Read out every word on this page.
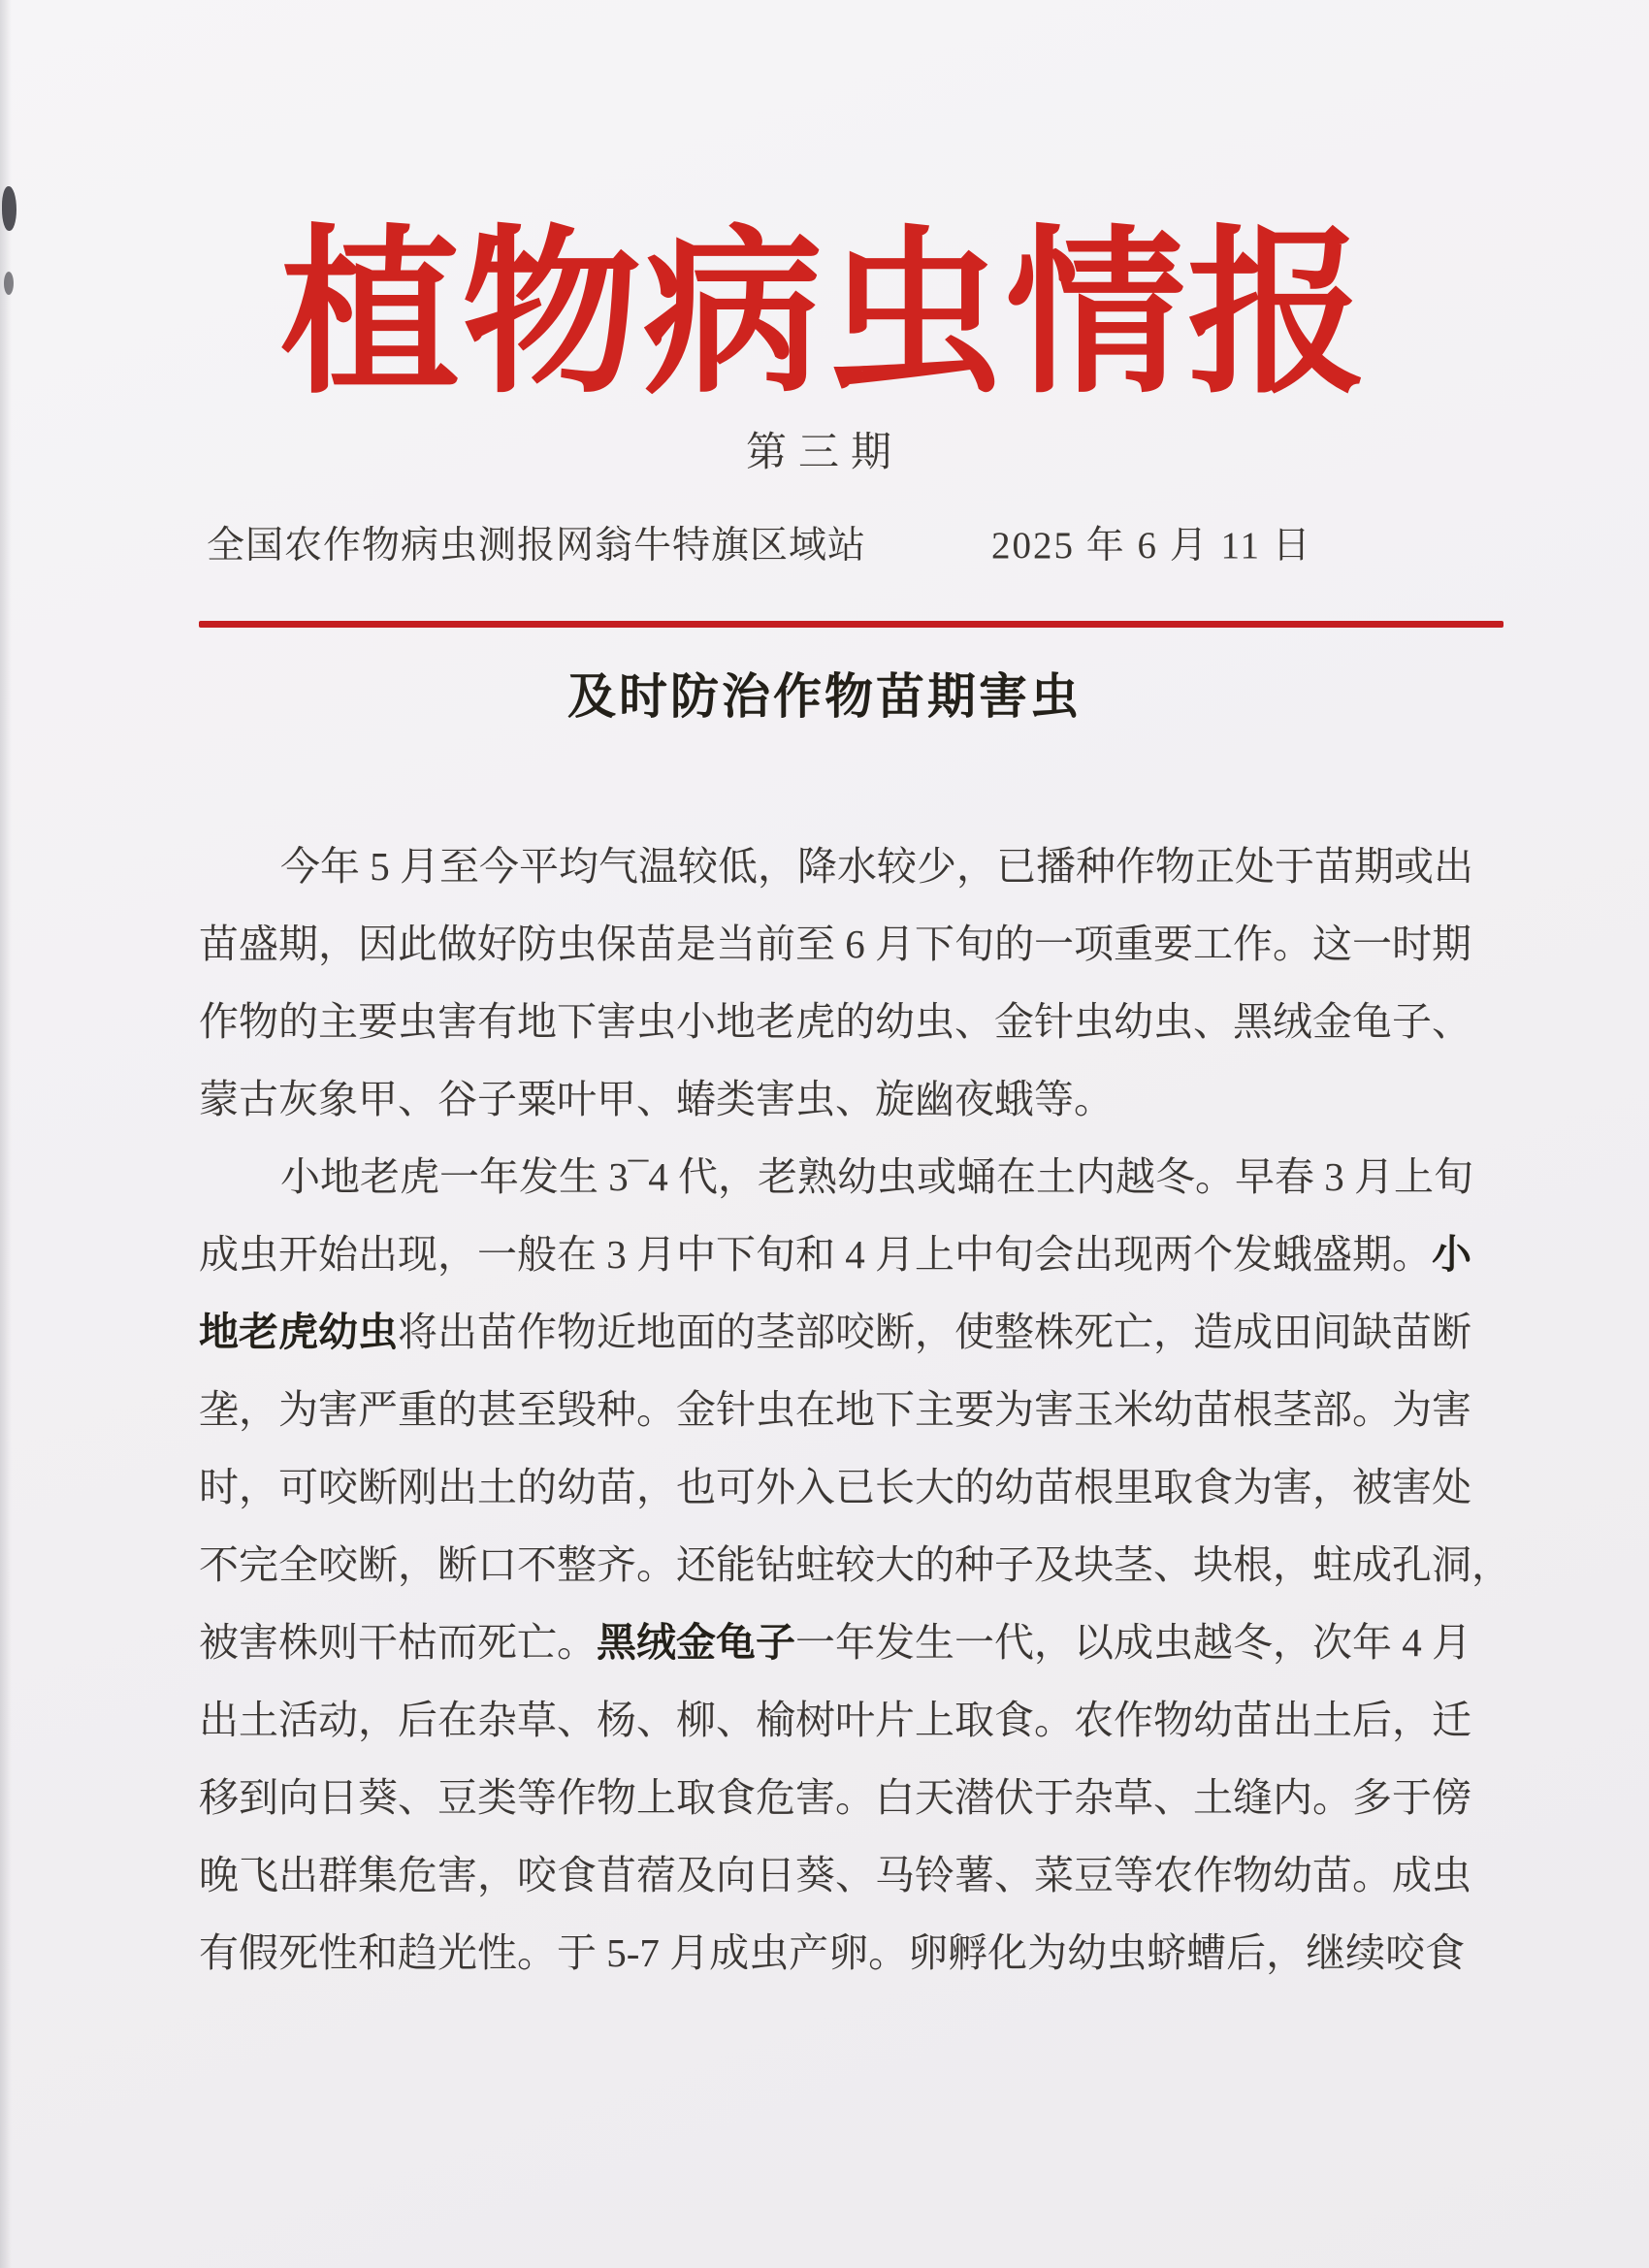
植物病虫情报
第三期
全国农作物病虫测报网翁牛特旗区域站	2025 年 6 月 11 日
及时防治作物苗期害虫
今年 5 月至今平均气温较低，降水较少，已播种作物正处于苗期或出
苗盛期，因此做好防虫保苗是当前至 6 月下旬的一项重要工作。这一时期
作物的主要虫害有地下害虫小地老虎的幼虫、金针虫幼虫、黑绒金龟子、
蒙古灰象甲、谷子粟叶甲、蝽类害虫、旋幽夜蛾等。
小地老虎一年发生 3¯4 代，老熟幼虫或蛹在土内越冬。早春 3 月上旬
成虫开始出现，一般在 3 月中下旬和 4 月上中旬会出现两个发蛾盛期。小
地老虎幼虫将出苗作物近地面的茎部咬断，使整株死亡，造成田间缺苗断
垄，为害严重的甚至毁种。金针虫在地下主要为害玉米幼苗根茎部。为害
时，可咬断刚出土的幼苗，也可外入已长大的幼苗根里取食为害，被害处
不完全咬断，断口不整齐。还能钻蛀较大的种子及块茎、块根，蛀成孔洞，
被害株则干枯而死亡。黑绒金龟子一年发生一代，以成虫越冬，次年 4 月
出土活动，后在杂草、杨、柳、榆树叶片上取食。农作物幼苗出土后，迁
移到向日葵、豆类等作物上取食危害。白天潜伏于杂草、土缝内。多于傍
晚飞出群集危害，咬食苜蓿及向日葵、马铃薯、菜豆等农作物幼苗。成虫
有假死性和趋光性。于 5-7 月成虫产卵。卵孵化为幼虫蛴螬后，继续咬食
